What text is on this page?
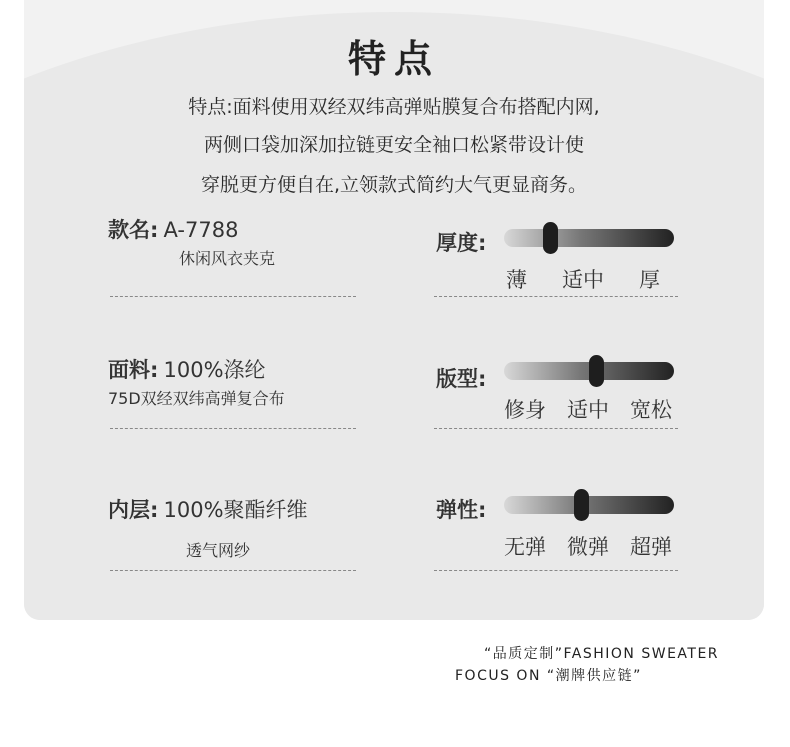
特点
特点:面料使用双经双纬高弹贴膜复合布搭配内网,
两侧口袋加深加拉链更安全袖口松紧带设计使
穿脱更方便自在,立领款式简约大气更显商务。
款名: A-7788
休闲风衣夹克
面料: 100%涤纶
75D双经双纬高弹复合布
内层: 100%聚酯纤维
透气网纱
厚度:
薄 适中 厚
版型:
修身 适中 宽松
弹性:
无弹 微弹 超弹
“品质定制”FASHION SWEATER
FOCUS ON “潮牌供应链”
